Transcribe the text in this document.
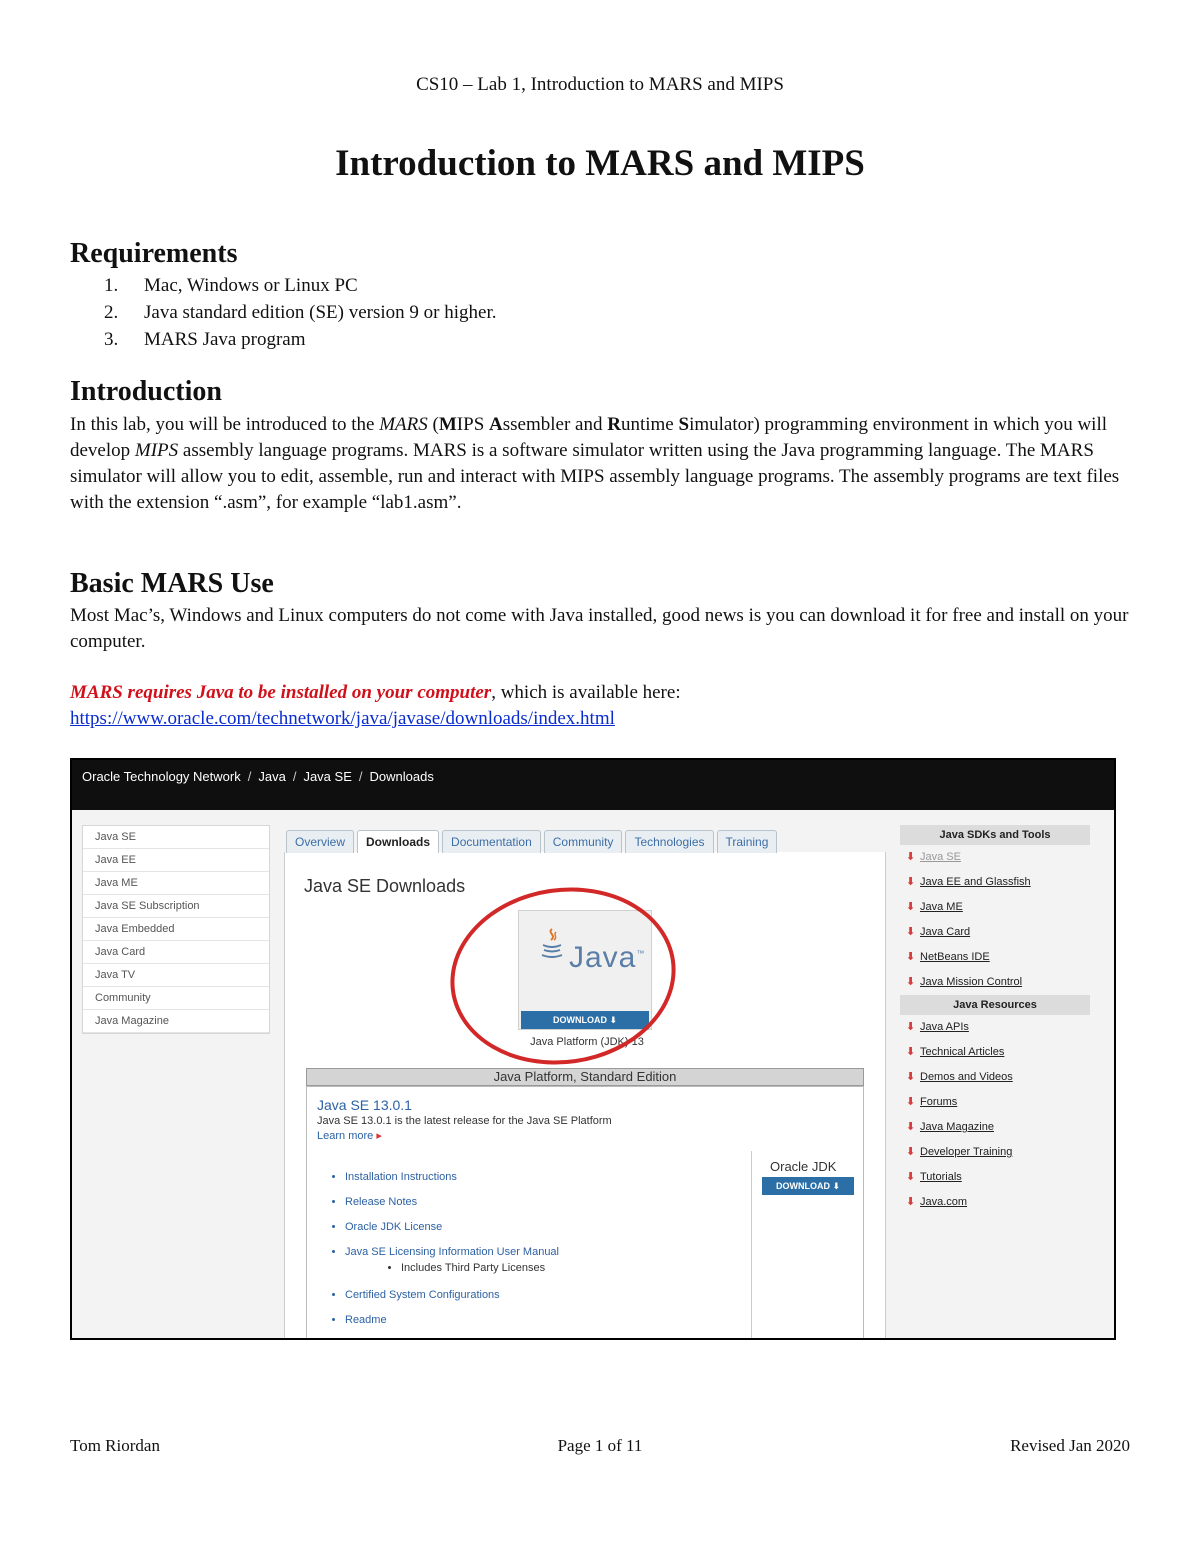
CS10 – Lab 1, Introduction to MARS and MIPS
Introduction to MARS and MIPS
Requirements
1.	Mac, Windows or Linux PC
2.	Java standard edition (SE) version 9 or higher.
3.	MARS Java program
Introduction

In this lab, you will be introduced to the MARS (MIPS Assembler and Runtime Simulator) programming environment in which you will develop MIPS assembly language programs. MARS is a software simulator written using the Java programming language. The MARS simulator will allow you to edit, assemble, run and interact with MIPS assembly language programs. The assembly programs are text files with the extension “.asm”, for example “lab1.asm”.

Basic MARS Use

Most Mac’s, Windows and Linux computers do not come with Java installed, good news is you can download it for free and install on your computer.

MARS requires Java to be installed on your computer, which is available here:
https://www.oracle.com/technetwork/java/javase/downloads/index.html

Oracle Technology Network / Java / Java SE / Downloads
Java SE
Java EE
Java ME
Java SE Subscription
Java Embedded
Java Card
Java TV
Community
Java Magazine
Overview	Downloads	Documentation	Community	Technologies	Training
Java SE Downloads
Java™
DOWNLOAD ⬇
Java Platform (JDK) 13
Java Platform, Standard Edition
Java SE 13.0.1
Java SE 13.0.1 is the latest release for the Java SE Platform
Learn more ▸
• Installation Instructions
• Release Notes
• Oracle JDK License
• Java SE Licensing Information User Manual
• Includes Third Party Licenses
• Certified System Configurations
• Readme
Oracle JDK
DOWNLOAD ⬇
Java SDKs and Tools
⬇ Java SE
⬇ Java EE and Glassfish
⬇ Java ME
⬇ Java Card
⬇ NetBeans IDE
⬇ Java Mission Control
Java Resources
⬇ Java APIs
⬇ Technical Articles
⬇ Demos and Videos
⬇ Forums
⬇ Java Magazine
⬇ Developer Training
⬇ Tutorials
⬇ Java.com
Tom Riordan	Page 1 of 11	Revised Jan 2020
